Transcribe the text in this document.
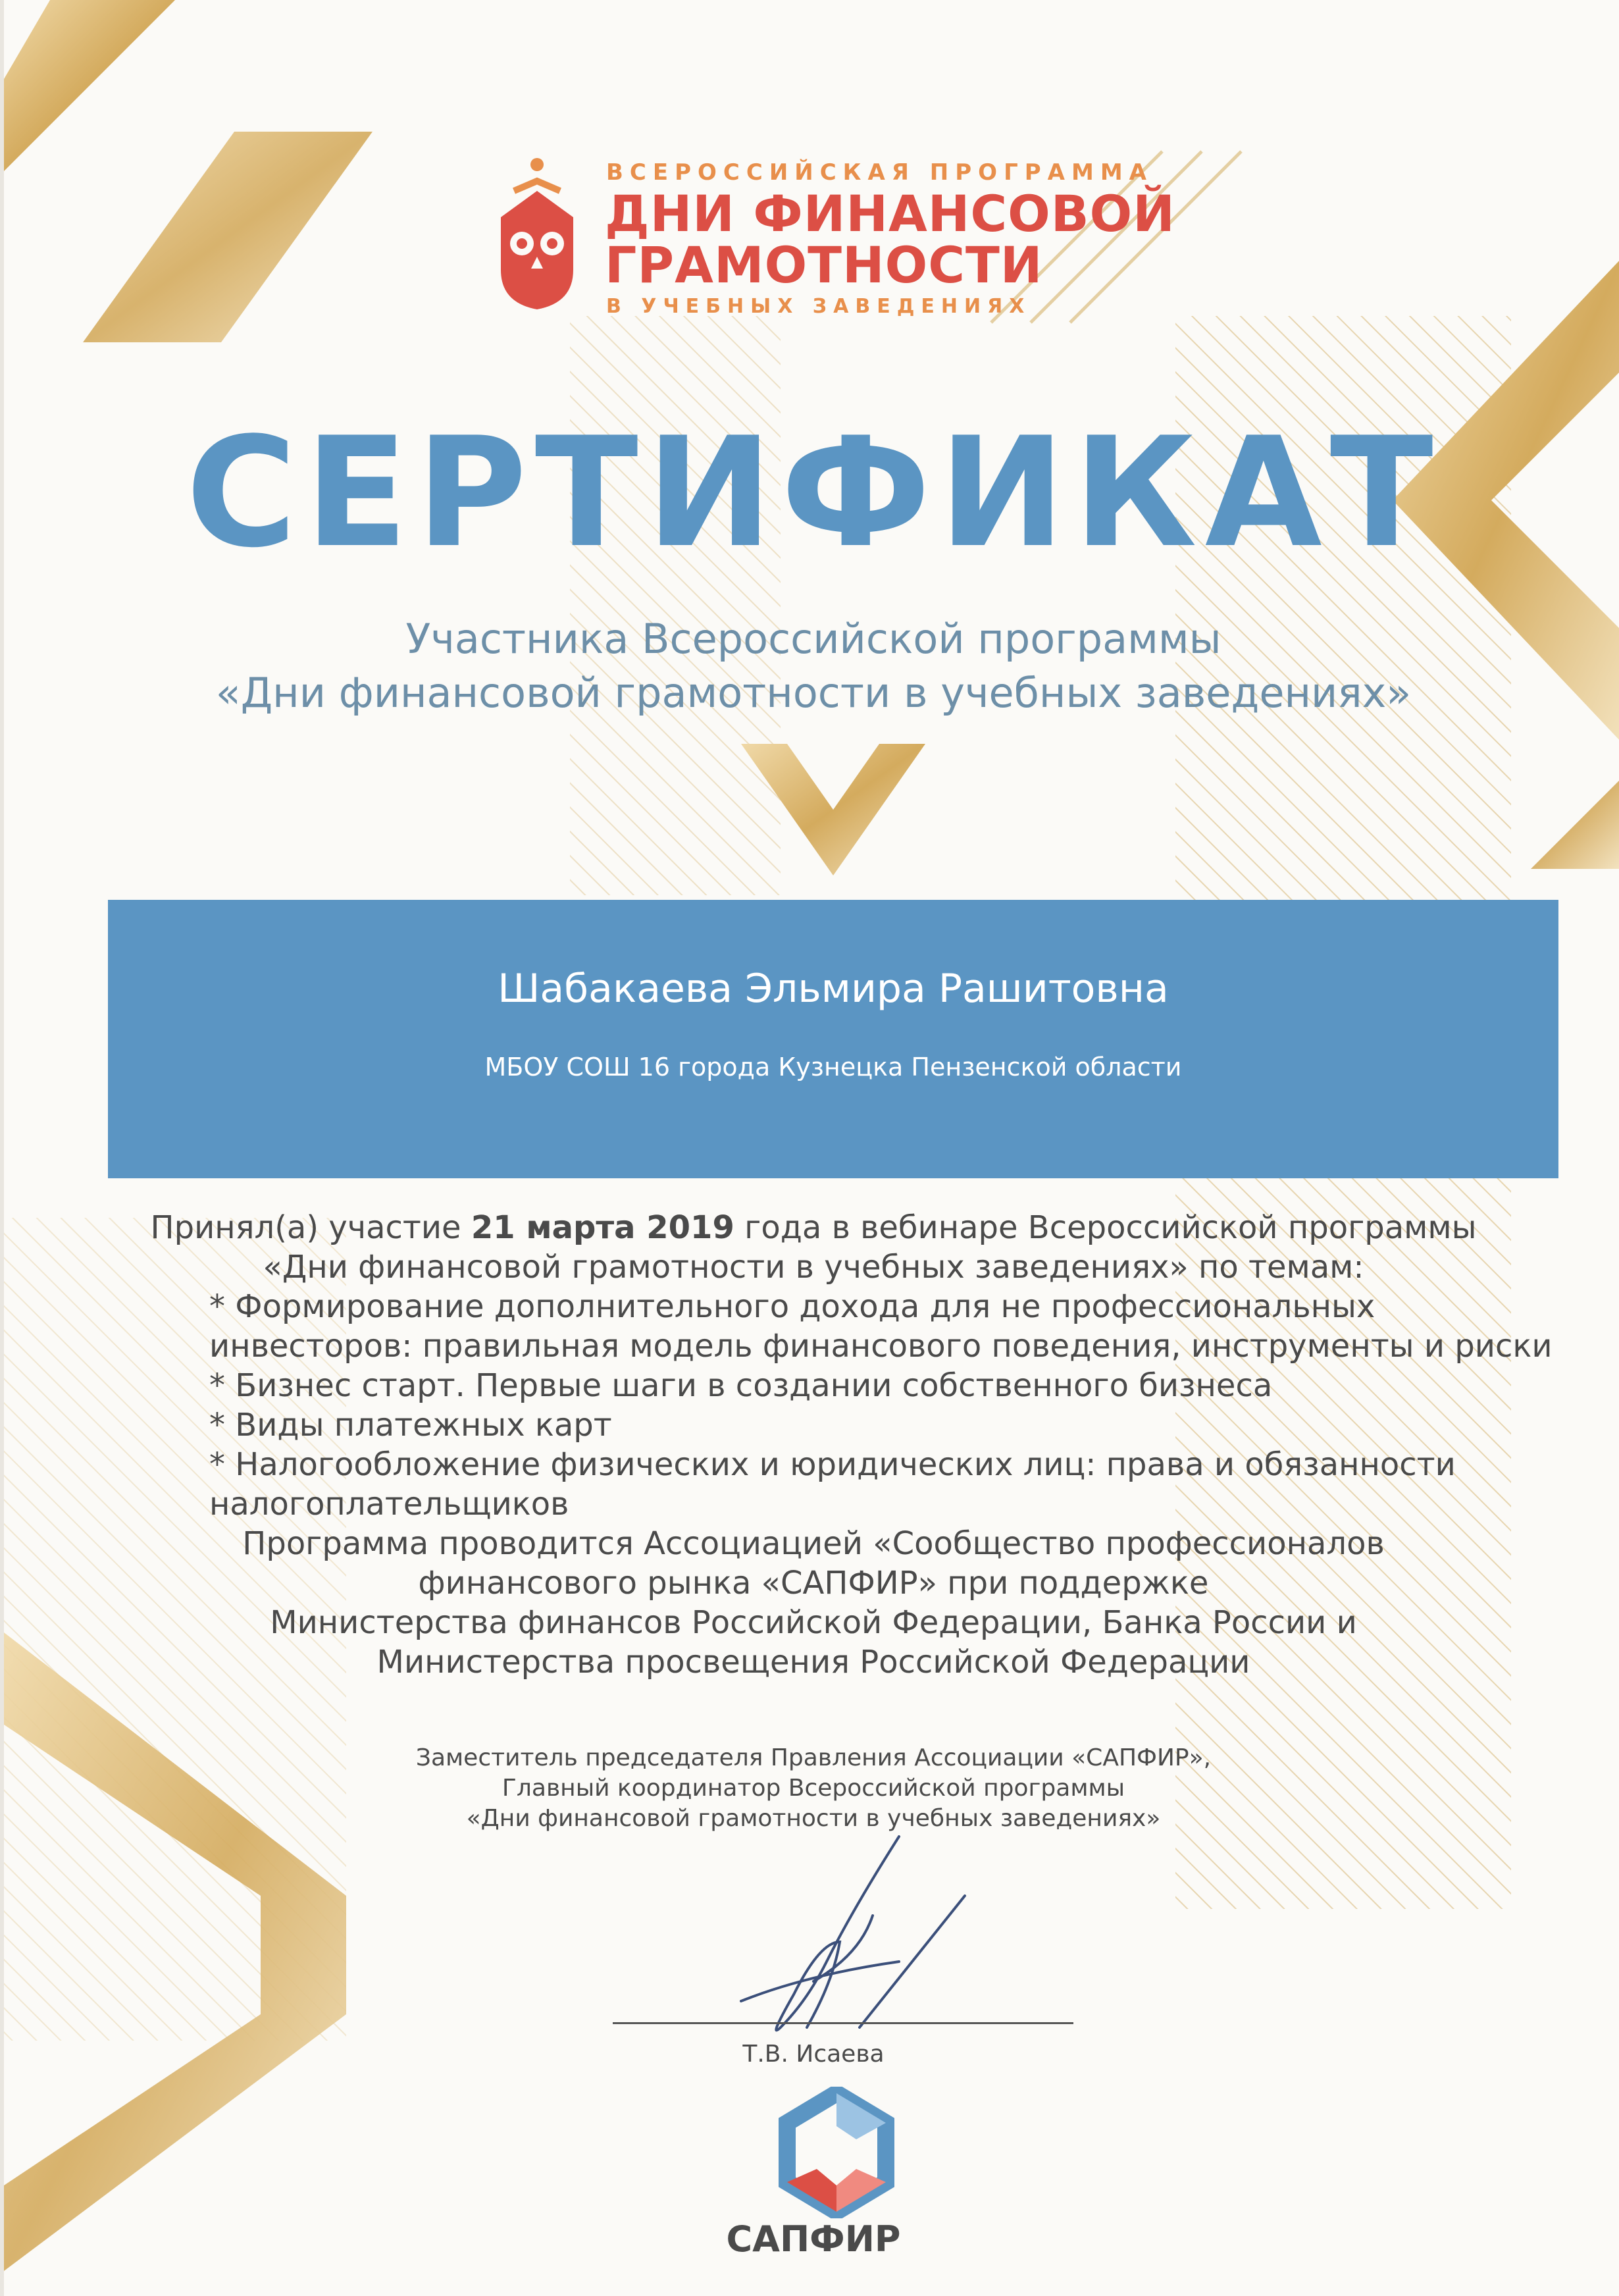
ВСЕРОССИЙСКАЯ ПРОГРАММА
ДНИ ФИНАНСОВОЙ
ГРАМОТНОСТИ
В УЧЕБНЫХ ЗАВЕДЕНИЯХ
СЕРТИФИКАТ
Участника Всероссийской программы
«Дни финансовой грамотности в учебных заведениях»
Шабакаева Эльмира Рашитовна
МБОУ СОШ 16 города Кузнецка Пензенской области
Принял(а) участие 21 марта 2019 года в вебинаре Всероссийской программы
«Дни финансовой грамотности в учебных заведениях» по темам:

* Формирование дополнительного дохода для не профессиональных

инвесторов: правильная модель финансового поведения, инструменты и риски

* Бизнес старт. Первые шаги в создании собственного бизнеса

* Виды платежных карт

* Налогообложение физических и юридических лиц: права и обязанности

налогоплательщиков

Программа проводится Ассоциацией «Сообщество профессионалов
финансового рынка «САПФИР» при поддержке
Министерства финансов Российской Федерации, Банка России и
Министерства просвещения Российской Федерации
Заместитель председателя Правления Ассоциации «САПФИР»,
Главный координатор Всероссийской программы
«Дни финансовой грамотности в учебных заведениях»
Т.В. Исаева
САПФИР
